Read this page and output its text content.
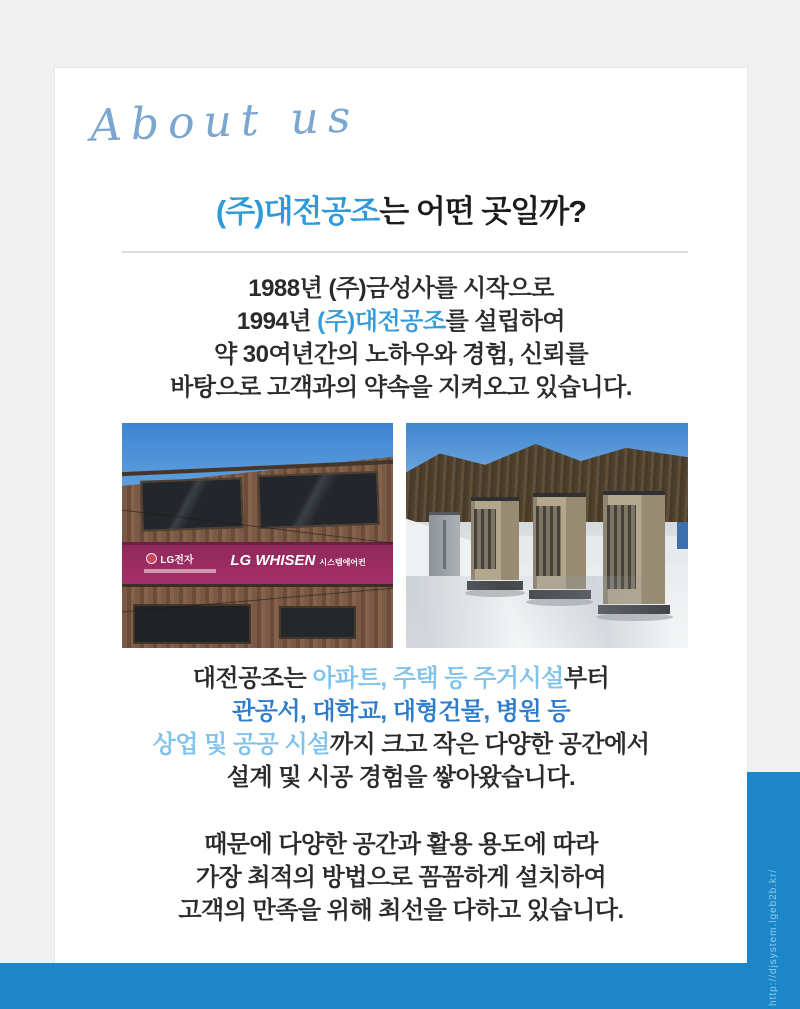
About us
(주)대전공조는 어떤 곳일까?
1988년 (주)금성사를 시작으로
1994년 (주)대전공조를 설립하여
약 30여년간의 노하우와 경험, 신뢰를
바탕으로 고객과의 약속을 지켜오고 있습니다.
LG전자 LG WHISEN 시스템에어컨
대전공조는 아파트, 주택 등 주거시설부터
관공서, 대학교, 대형건물, 병원 등
상업 및 공공 시설까지 크고 작은 다양한 공간에서
설계 및 시공 경험을 쌓아왔습니다.
때문에 다양한 공간과 활용 용도에 따라
가장 최적의 방법으로 꼼꼼하게 설치하여
고객의 만족을 위해 최선을 다하고 있습니다.	http://djsystem.lgeb2b.kr/
